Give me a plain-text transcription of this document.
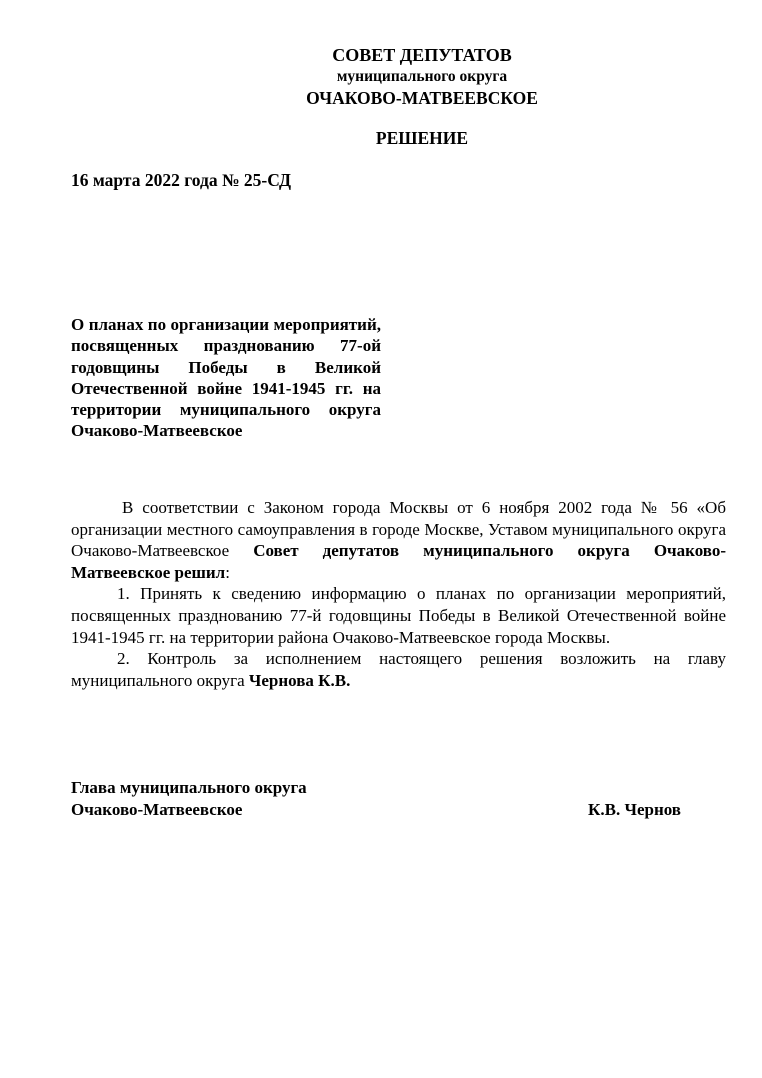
СОВЕТ ДЕПУТАТОВ
муниципального округа
ОЧАКОВО-МАТВЕЕВСКОЕ
РЕШЕНИЕ
16 марта 2022 года № 25-СД
О планах по организации мероприятий, посвященных празднованию 77-ой годовщины Победы в Великой Отечественной войне 1941-1945 гг. на территории муниципального округа Очаково-Матвеевское

В соответствии с Законом города Москвы от 6 ноября 2002 года № 56 «Об организации местного самоуправления в городе Москве, Уставом муниципального округа Очаково-Матвеевское Совет депутатов муниципального округа Очаково-Матвеевское решил:

1. Принять к сведению информацию о планах по организации мероприятий, посвященных празднованию 77-й годовщины Победы в Великой Отечественной войне 1941-1945 гг. на территории района Очаково-Матвеевское города Москвы.

2. Контроль за исполнением настоящего решения возложить на главу муниципального округа Чернова К.В.

Глава муниципального округа
Очаково-Матвеевское	К.В. Чернов
